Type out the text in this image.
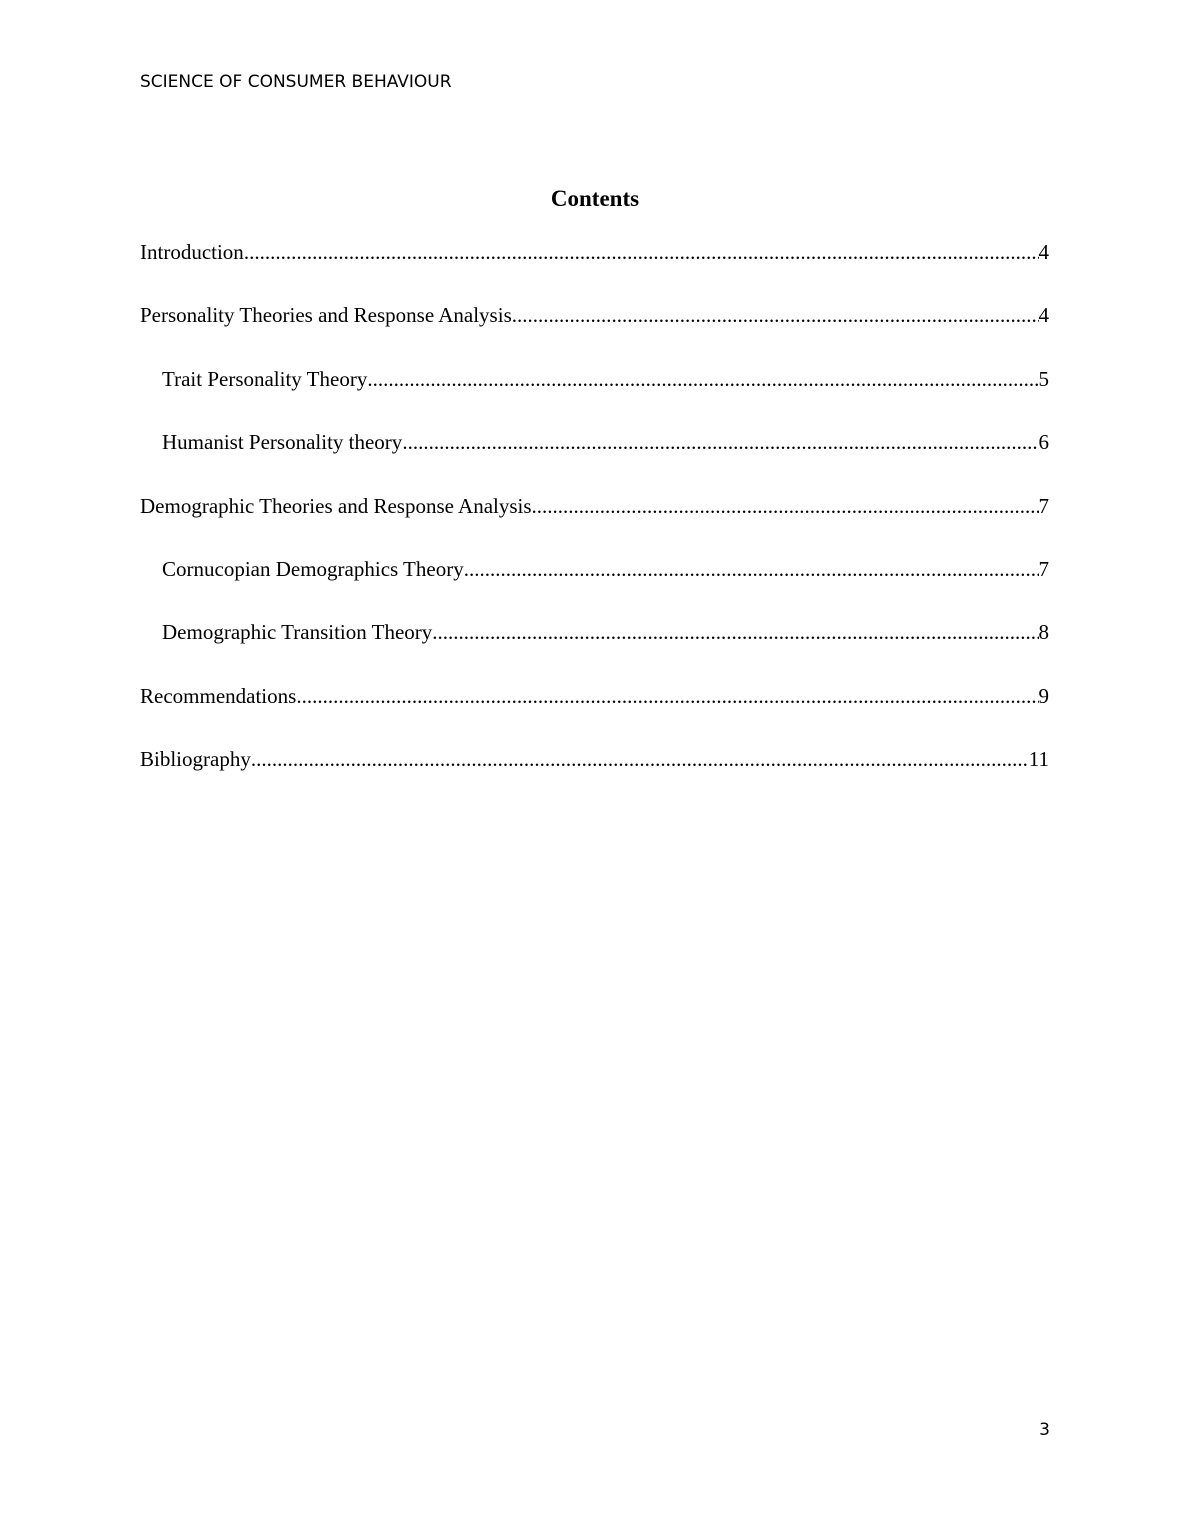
SCIENCE OF CONSUMER BEHAVIOUR
Contents
Introduction .....	4
Personality Theories and Response Analysis .....	4
Trait Personality Theory .....	5
Humanist Personality theory .....	6
Demographic Theories and Response Analysis .....	7
Cornucopian Demographics Theory .....	7
Demographic Transition Theory .....	8
Recommendations .....	9
Bibliography .....	11
3
